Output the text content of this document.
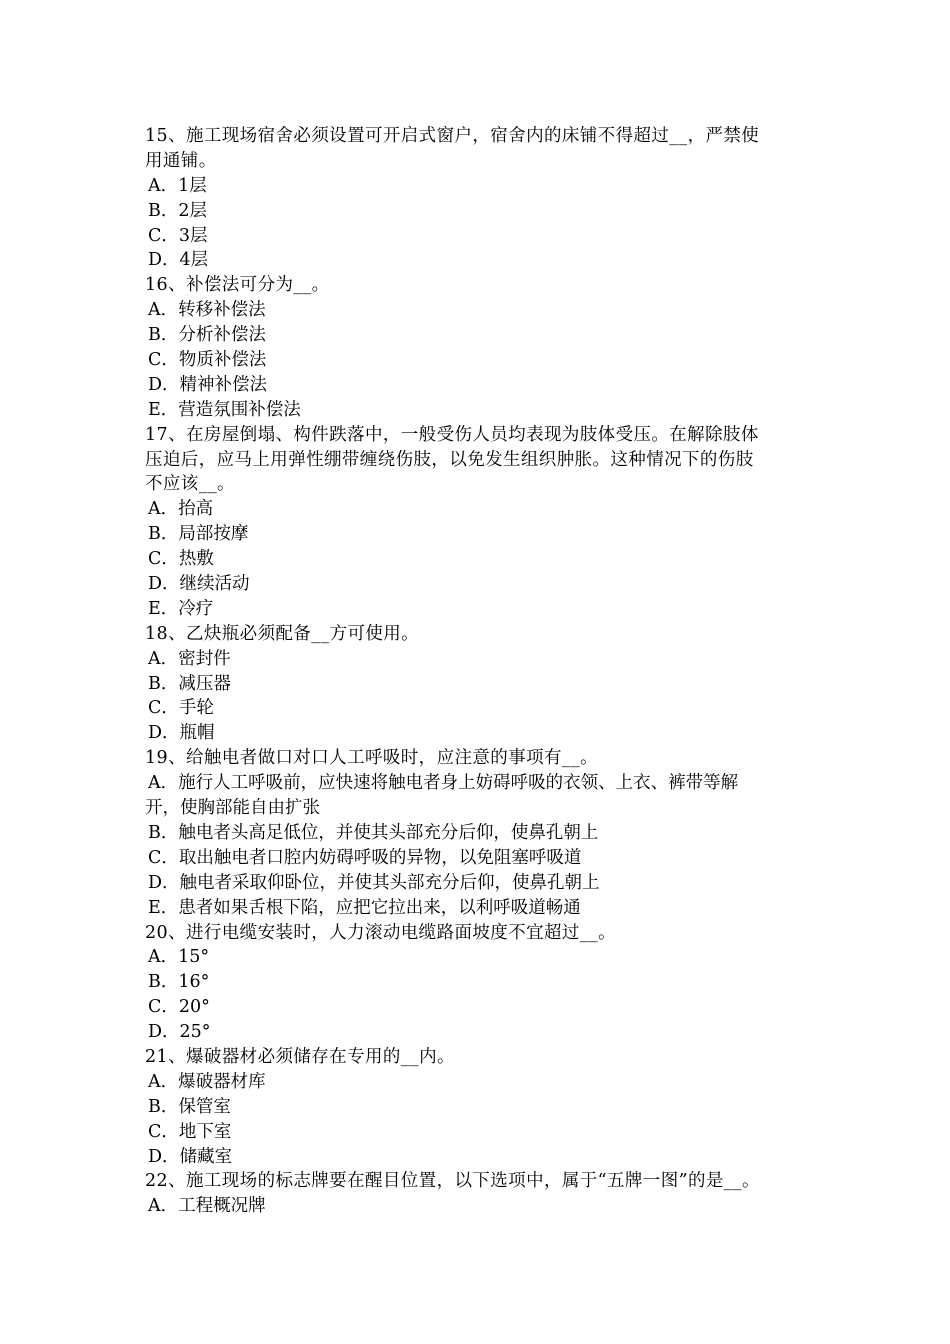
15、施工现场宿舍必须设置可开启式窗户，宿舍内的床铺不得超过__，严禁使
用通铺。
A．1层
B．2层
C．3层
D．4层
16、补偿法可分为__。
A．转移补偿法
B．分析补偿法
C．物质补偿法
D．精神补偿法
E．营造氛围补偿法
17、在房屋倒塌、构件跌落中，一般受伤人员均表现为肢体受压。在解除肢体
压迫后，应马上用弹性绷带缠绕伤肢，以免发生组织肿胀。这种情况下的伤肢
不应该__。
A．抬高
B．局部按摩
C．热敷
D．继续活动
E．冷疗
18、乙炔瓶必须配备__方可使用。
A．密封件
B．减压器
C．手轮
D．瓶帽
19、给触电者做口对口人工呼吸时，应注意的事项有__。
A．施行人工呼吸前，应快速将触电者身上妨碍呼吸的衣领、上衣、裤带等解
开，使胸部能自由扩张
B．触电者头高足低位，并使其头部充分后仰，使鼻孔朝上
C．取出触电者口腔内妨碍呼吸的异物，以免阻塞呼吸道
D．触电者采取仰卧位，并使其头部充分后仰，使鼻孔朝上
E．患者如果舌根下陷，应把它拉出来，以利呼吸道畅通
20、进行电缆安装时，人力滚动电缆路面坡度不宜超过__。
A．15°
B．16°
C．20°
D．25°
21、爆破器材必须储存在专用的__内。
A．爆破器材库
B．保管室
C．地下室
D．储藏室
22、施工现场的标志牌要在醒目位置，以下选项中，属于“五牌一图”的是__。
A．工程概况牌
